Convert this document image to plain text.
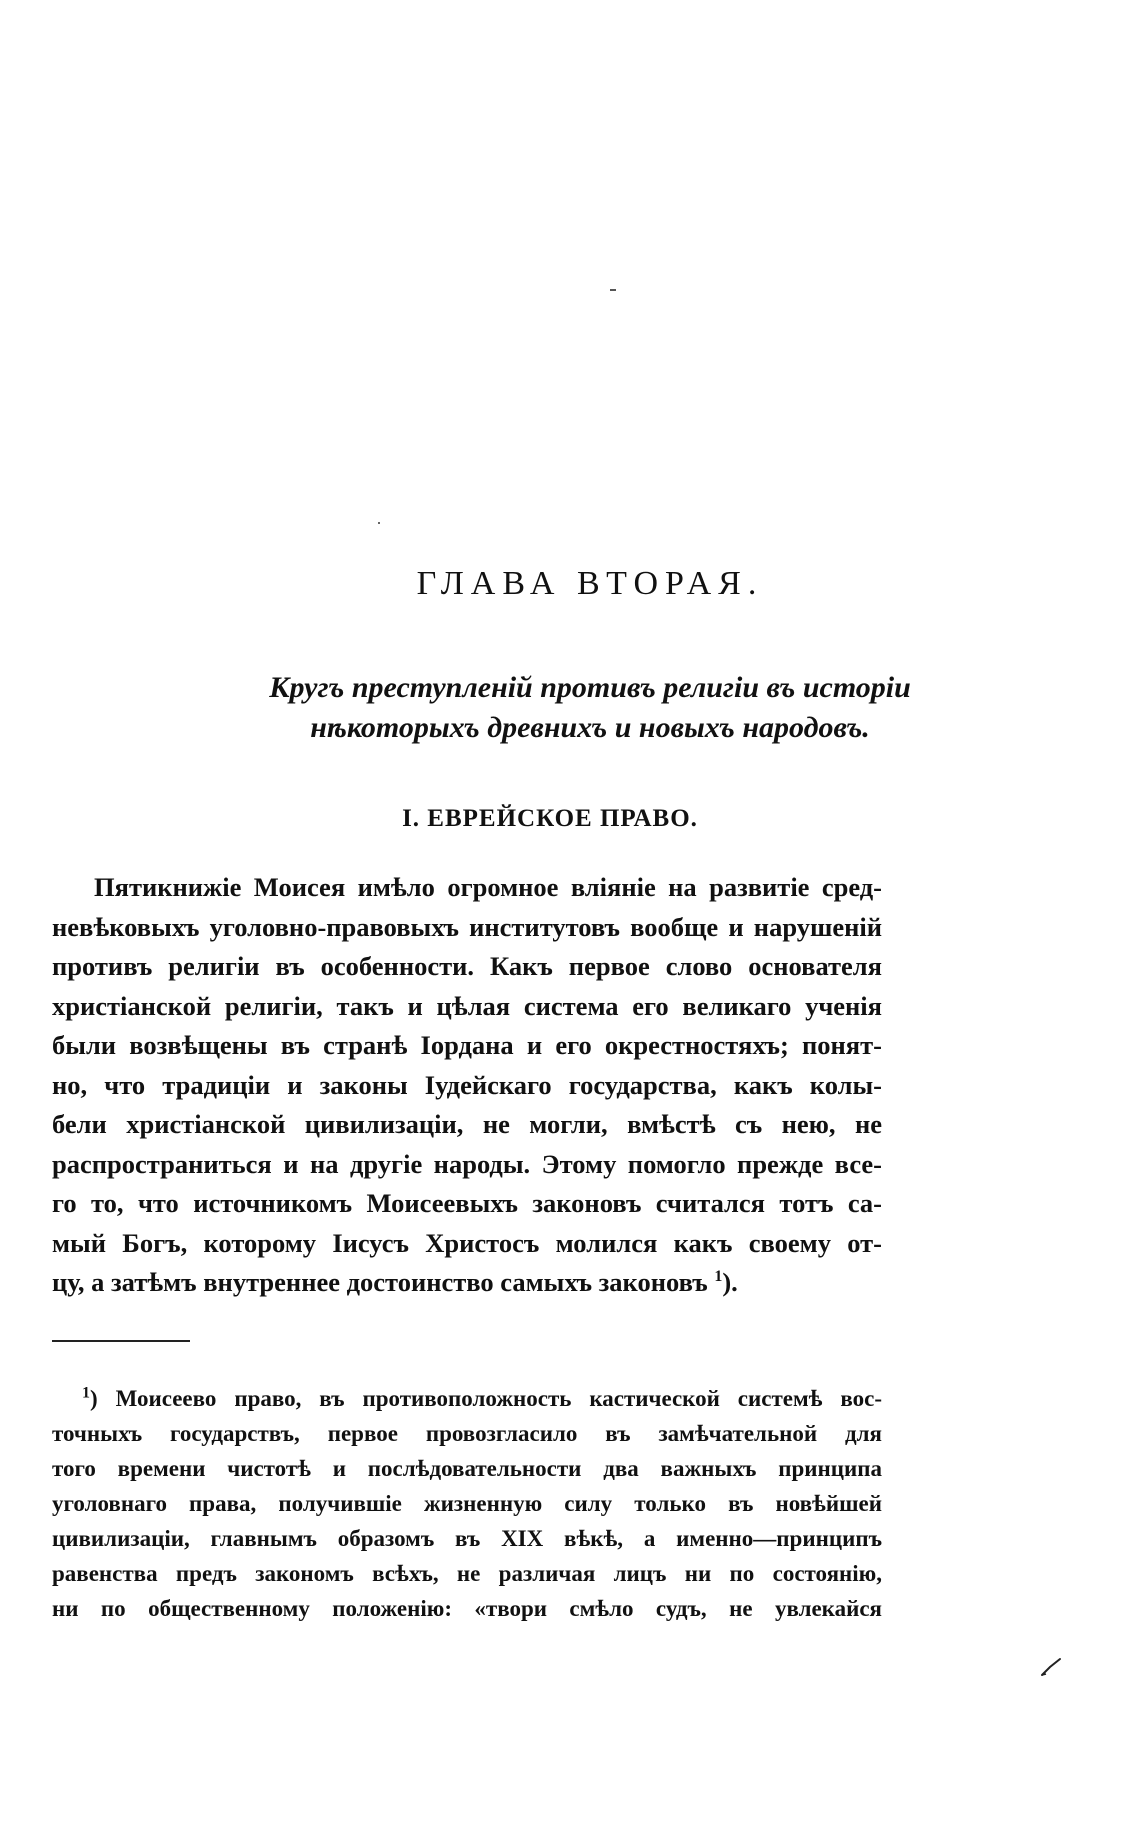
ГЛАВА ВТОРАЯ.
Кругъ преступленій противъ религіи въ исторіи
нѣкоторыхъ древнихъ и новыхъ народовъ.
I. ЕВРЕЙСКОЕ ПРАВО.
Пятикнижіе Моисея имѣло огромное вліяніе на развитіе сред-
невѣковыхъ уголовно-правовыхъ институтовъ вообще и нарушеній
противъ религіи въ особенности. Какъ первое слово основателя
христіанской религіи, такъ и цѣлая система его великаго ученія
были возвѣщены въ странѣ Іордана и его окрестностяхъ; понят-
но, что традиціи и законы Іудейскаго государства, какъ колы-
бели христіанской цивилизаціи, не могли, вмѣстѣ съ нею, не
распространиться и на другіе народы. Этому помогло прежде все-
го то, что источникомъ Моисеевыхъ законовъ считался тотъ са-
мый Богъ, которому Іисусъ Христосъ молился какъ своему от-
цу, а затѣмъ внутреннее достоинство самыхъ законовъ $^1$).
$^1$) Моисеево право, въ противоположность кастической системѣ вос-
точныхъ государствъ, первое провозгласило въ замѣчательной для
того времени чистотѣ и послѣдовательности два важныхъ принципа
уголовнаго права, получившіе жизненную силу только въ новѣйшей
цивилизаціи, главнымъ образомъ въ XIX вѣкѣ, а именно—принципъ
равенства предъ закономъ всѣхъ, не различая лицъ ни по состоянію,
ни по общественному положенію: «твори смѣло судъ, не увлекайся
